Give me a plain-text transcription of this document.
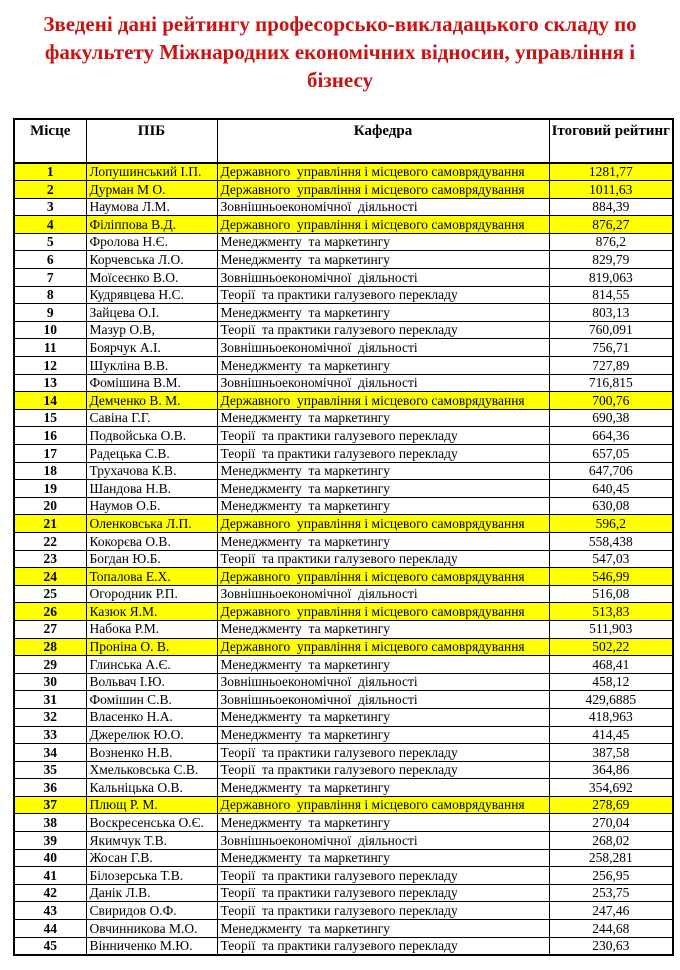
Зведені дані рейтингу професорсько-викладацького складу по факультету Міжнародних економічних відносин, управління і бізнесу
Місце	ПІБ	Кафедра	Ітоговий рейтинг
1	Лопушинський І.П.	Державного  управління і місцевого самоврядування	1281,77
2	Дурман М О.	Державного  управління і місцевого самоврядування	1011,63
3	Наумова Л.М.	Зовнішньоекономічної  діяльності	884,39
4	Філіппова В.Д.	Державного  управління і місцевого самоврядування	876,27
5	Фролова Н.Є.	Менеджменту  та маркетингу	876,2
6	Корчевська Л.О.	Менеджменту  та маркетингу	829,79
7	Моїсеєнко В.О.	Зовнішньоекономічної  діяльності	819,063
8	Кудрявцева Н.С.	Теорії  та практики галузевого перекладу	814,55
9	Зайцева О.І.	Менеджменту  та маркетингу	803,13
10	Мазур О.В,	Теорії  та практики галузевого перекладу	760,091
11	Боярчук А.І.	Зовнішньоекономічної  діяльності	756,71
12	Шукліна В.В.	Менеджменту  та маркетингу	727,89
13	Фомішина В.М.	Зовнішньоекономічної  діяльності	716,815
14	Демченко В. М.	Державного  управління і місцевого самоврядування	700,76
15	Савіна Г.Г.	Менеджменту  та маркетингу	690,38
16	Подвойська О.В.	Теорії  та практики галузевого перекладу	664,36
17	Радецька С.В.	Теорії  та практики галузевого перекладу	657,05
18	Трухачова К.В.	Менеджменту  та маркетингу	647,706
19	Шандова Н.В.	Менеджменту  та маркетингу	640,45
20	Наумов О.Б.	Менеджменту  та маркетингу	630,08
21	Оленковська Л.П.	Державного  управління і місцевого самоврядування	596,2
22	Кокорєва О.В.	Менеджменту  та маркетингу	558,438
23	Богдан Ю.Б.	Теорії  та практики галузевого перекладу	547,03
24	Топалова Е.Х.	Державного  управління і місцевого самоврядування	546,99
25	Огородник Р.П.	Зовнішньоекономічної  діяльності	516,08
26	Казюк Я.М.	Державного  управління і місцевого самоврядування	513,83
27	Набока Р.М.	Менеджменту  та маркетингу	511,903
28	Проніна О. В.	Державного  управління і місцевого самоврядування	502,22
29	Глинська А.Є.	Менеджменту  та маркетингу	468,41
30	Вольвач І.Ю.	Зовнішньоекономічної  діяльності	458,12
31	Фомішин С.В.	Зовнішньоекономічної  діяльності	429,6885
32	Власенко Н.А.	Менеджменту  та маркетингу	418,963
33	Джерелюк Ю.О.	Менеджменту  та маркетингу	414,45
34	Возненко Н.В.	Теорії  та практики галузевого перекладу	387,58
35	Хмельковська С.В.	Теорії  та практики галузевого перекладу	364,86
36	Кальніцька О.В.	Менеджменту  та маркетингу	354,692
37	Плющ Р. М.	Державного  управління і місцевого самоврядування	278,69
38	Воскресенська О.Є.	Менеджменту  та маркетингу	270,04
39	Якимчук Т.В.	Зовнішньоекономічної  діяльності	268,02
40	Жосан Г.В.	Менеджменту  та маркетингу	258,281
41	Білозерська Т.В.	Теорії  та практики галузевого перекладу	256,95
42	Данік Л.В.	Теорії  та практики галузевого перекладу	253,75
43	Свиридов О.Ф.	Теорії  та практики галузевого перекладу	247,46
44	Овчинникова М.О.	Менеджменту  та маркетингу	244,68
45	Вінниченко М.Ю.	Теорії  та практики галузевого перекладу	230,63
